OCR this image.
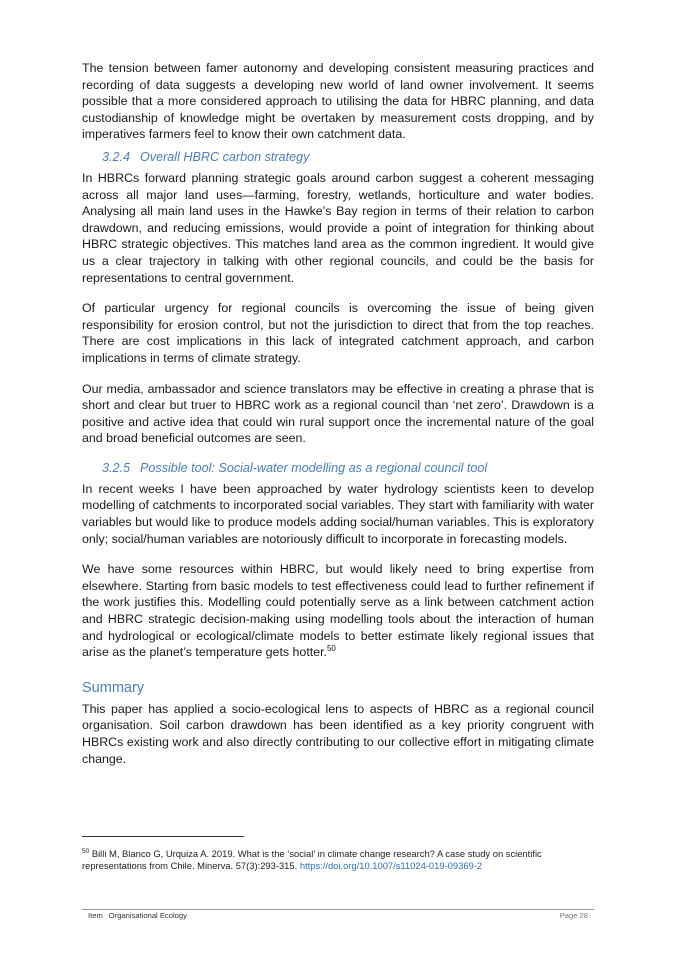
The tension between famer autonomy and developing consistent measuring practices and recording of data suggests a developing new world of land owner involvement. It seems possible that a more considered approach to utilising the data for HBRC planning, and data custodianship of knowledge might be overtaken by measurement costs dropping, and by imperatives farmers feel to know their own catchment data.

3.2.4 Overall HBRC carbon strategy

In HBRCs forward planning strategic goals around carbon suggest a coherent messaging across all major land uses—farming, forestry, wetlands, horticulture and water bodies. Analysing all main land uses in the Hawke’s Bay region in terms of their relation to carbon drawdown, and reducing emissions, would provide a point of integration for thinking about HBRC strategic objectives. This matches land area as the common ingredient. It would give us a clear trajectory in talking with other regional councils, and could be the basis for representations to central government.

Of particular urgency for regional councils is overcoming the issue of being given responsibility for erosion control, but not the jurisdiction to direct that from the top reaches. There are cost implications in this lack of integrated catchment approach, and carbon implications in terms of climate strategy.

Our media, ambassador and science translators may be effective in creating a phrase that is short and clear but truer to HBRC work as a regional council than ‘net zero’. Drawdown is a positive and active idea that could win rural support once the incremental nature of the goal and broad beneficial outcomes are seen.

3.2.5 Possible tool: Social-water modelling as a regional council tool

In recent weeks I have been approached by water hydrology scientists keen to develop modelling of catchments to incorporated social variables. They start with familiarity with water variables but would like to produce models adding social/human variables. This is exploratory only; social/human variables are notoriously difficult to incorporate in forecasting models.

We have some resources within HBRC, but would likely need to bring expertise from elsewhere. Starting from basic models to test effectiveness could lead to further refinement if the work justifies this. Modelling could potentially serve as a link between catchment action and HBRC strategic decision-making using modelling tools about the interaction of human and hydrological or ecological/climate models to better estimate likely regional issues that arise as the planet’s temperature gets hotter.$^{50}$

Summary

This paper has applied a socio-ecological lens to aspects of HBRC as a regional council organisation. Soil carbon drawdown has been identified as a key priority congruent with HBRCs existing work and also directly contributing to our collective effort in mitigating climate change.

$^{50}$ Billi M, Blanco G, Urquiza A. 2019. What is the ‘social’ in climate change research? A case study on scientific representations from Chile. Minerva. 57(3):293-315. https://doi.org/10.1007/s11024-019-09369-2
Item Organisational Ecology	Page 28
